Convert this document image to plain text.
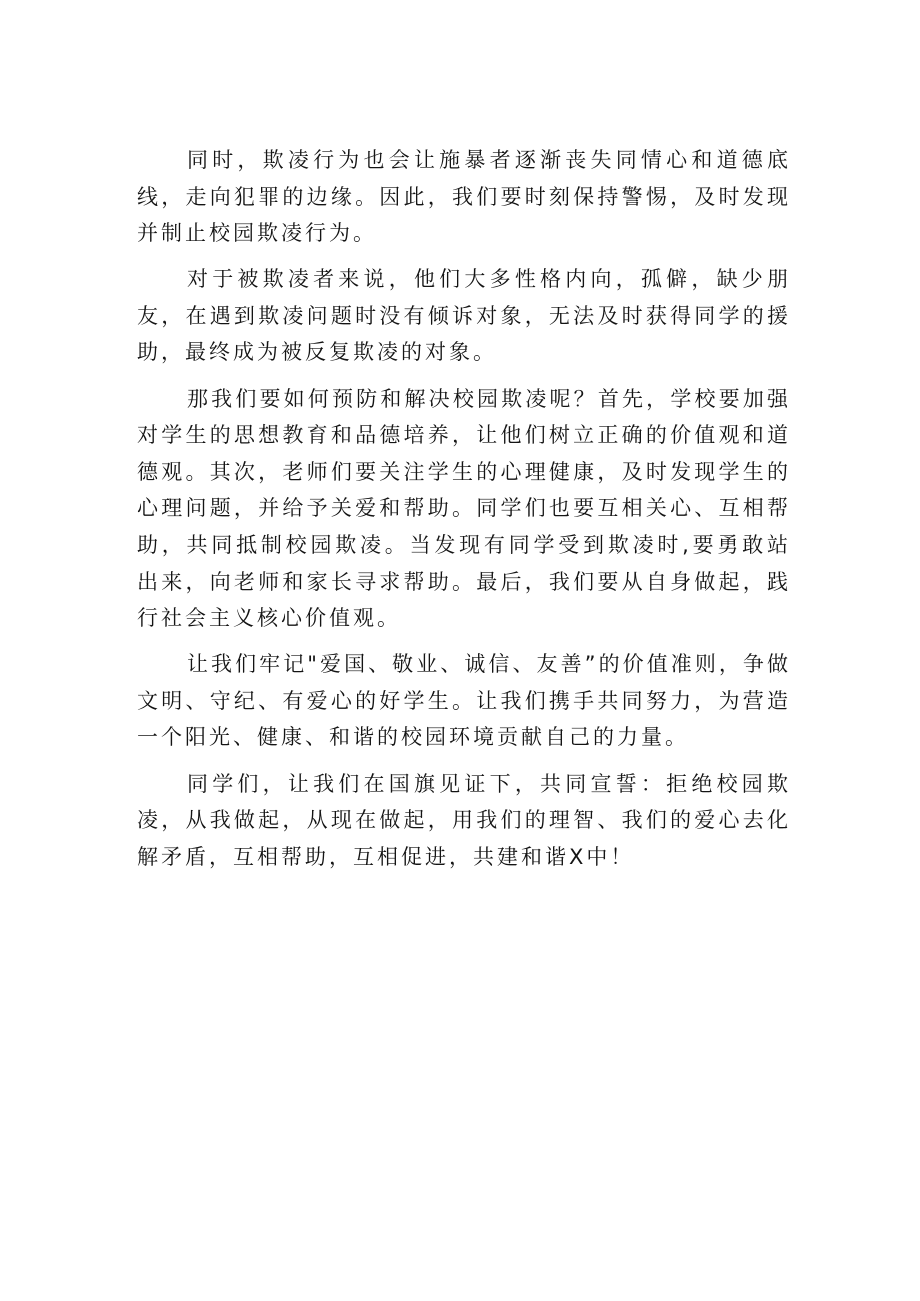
同时，欺凌行为也会让施暴者逐渐丧失同情心和道德底线，走向犯罪的边缘。因此，我们要时刻保持警惕，及时发现并制止校园欺凌行为。

对于被欺凌者来说，他们大多性格内向，孤僻，缺少朋友，在遇到欺凌问题时没有倾诉对象，无法及时获得同学的援助，最终成为被反复欺凌的对象。

那我们要如何预防和解决校园欺凌呢？首先，学校要加强对学生的思想教育和品德培养，让他们树立正确的价值观和道德观。其次，老师们要关注学生的心理健康，及时发现学生的心理问题，并给予关爱和帮助。同学们也要互相关心、互相帮助，共同抵制校园欺凌。当发现有同学受到欺凌时,要勇敢站出来，向老师和家长寻求帮助。最后，我们要从自身做起，践行社会主义核心价值观。

让我们牢记"爱国、敬业、诚信、友善”的价值准则，争做文明、守纪、有爱心的好学生。让我们携手共同努力，为营造一个阳光、健康、和谐的校园环境贡献自己的力量。

同学们，让我们在国旗见证下，共同宣誓：拒绝校园欺凌，从我做起，从现在做起，用我们的理智、我们的爱心去化解矛盾，互相帮助，互相促进，共建和谐X中！
